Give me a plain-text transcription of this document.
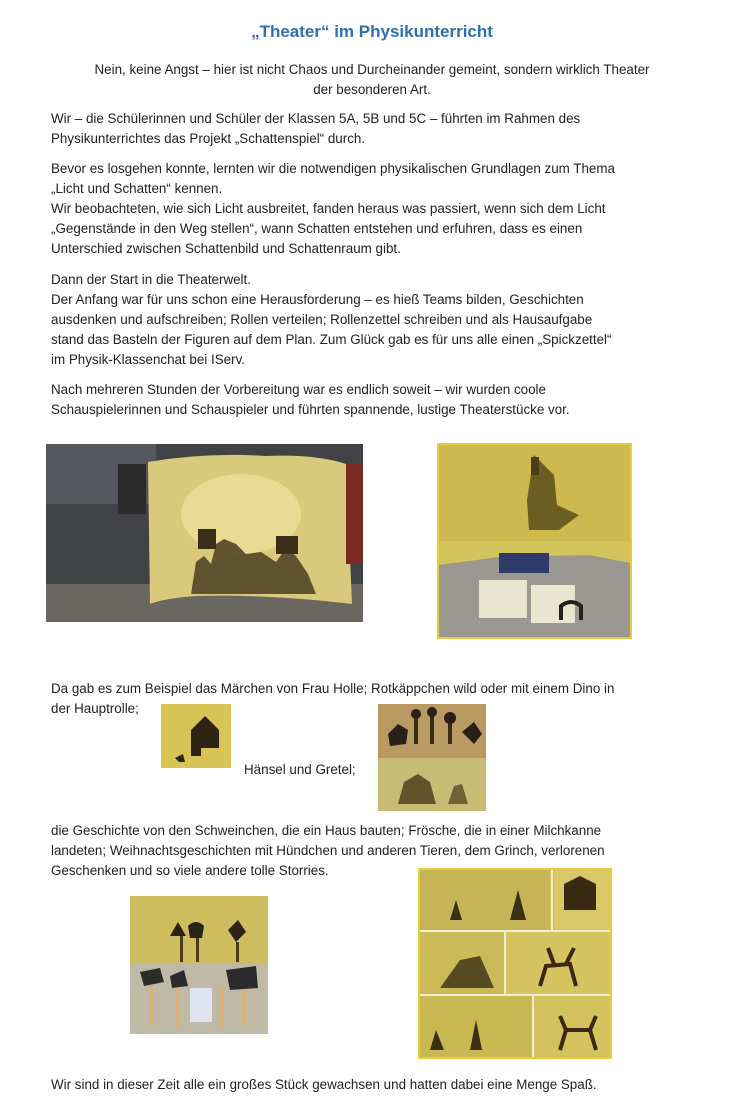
„Theater“ im Physikunterricht
Nein, keine Angst – hier ist nicht Chaos und Durcheinander gemeint, sondern wirklich Theater
der besonderen Art.
Wir – die Schülerinnen und Schüler der Klassen 5A, 5B und 5C – führten im Rahmen des
Physikunterrichtes das Projekt „Schattenspiel“ durch.
Bevor es losgehen konnte, lernten wir die notwendigen physikalischen Grundlagen zum Thema
„Licht und Schatten“ kennen.
Wir beobachteten, wie sich Licht ausbreitet, fanden heraus was passiert, wenn sich dem Licht
„Gegenstände in den Weg stellen“, wann Schatten entstehen und erfuhren, dass es einen
Unterschied zwischen Schattenbild und Schattenraum gibt.
Dann der Start in die Theaterwelt.
Der Anfang war für uns schon eine Herausforderung – es hieß Teams bilden, Geschichten
ausdenken und aufschreiben; Rollen verteilen; Rollenzettel schreiben und als Hausaufgabe
stand das Basteln der Figuren auf dem Plan. Zum Glück gab es für uns alle einen „Spickzettel“
im Physik-Klassenchat bei IServ.
Nach mehreren Stunden der Vorbereitung war es endlich soweit – wir wurden coole
Schauspielerinnen und Schauspieler und führten spannende, lustige Theaterstücke vor.
Da gab es zum Beispiel das Märchen von Frau Holle; Rotkäppchen wild oder mit einem Dino in
der Hauptrolle;
Hänsel und Gretel;
die Geschichte von den Schweinchen, die ein Haus bauten; Frösche, die in einer Milchkanne
landeten; Weihnachtsgeschichten mit Hündchen und anderen Tieren, dem Grinch, verlorenen
Geschenken und so viele andere tolle Storries.
Wir sind in dieser Zeit alle ein großes Stück gewachsen und hatten dabei eine Menge Spaß.
